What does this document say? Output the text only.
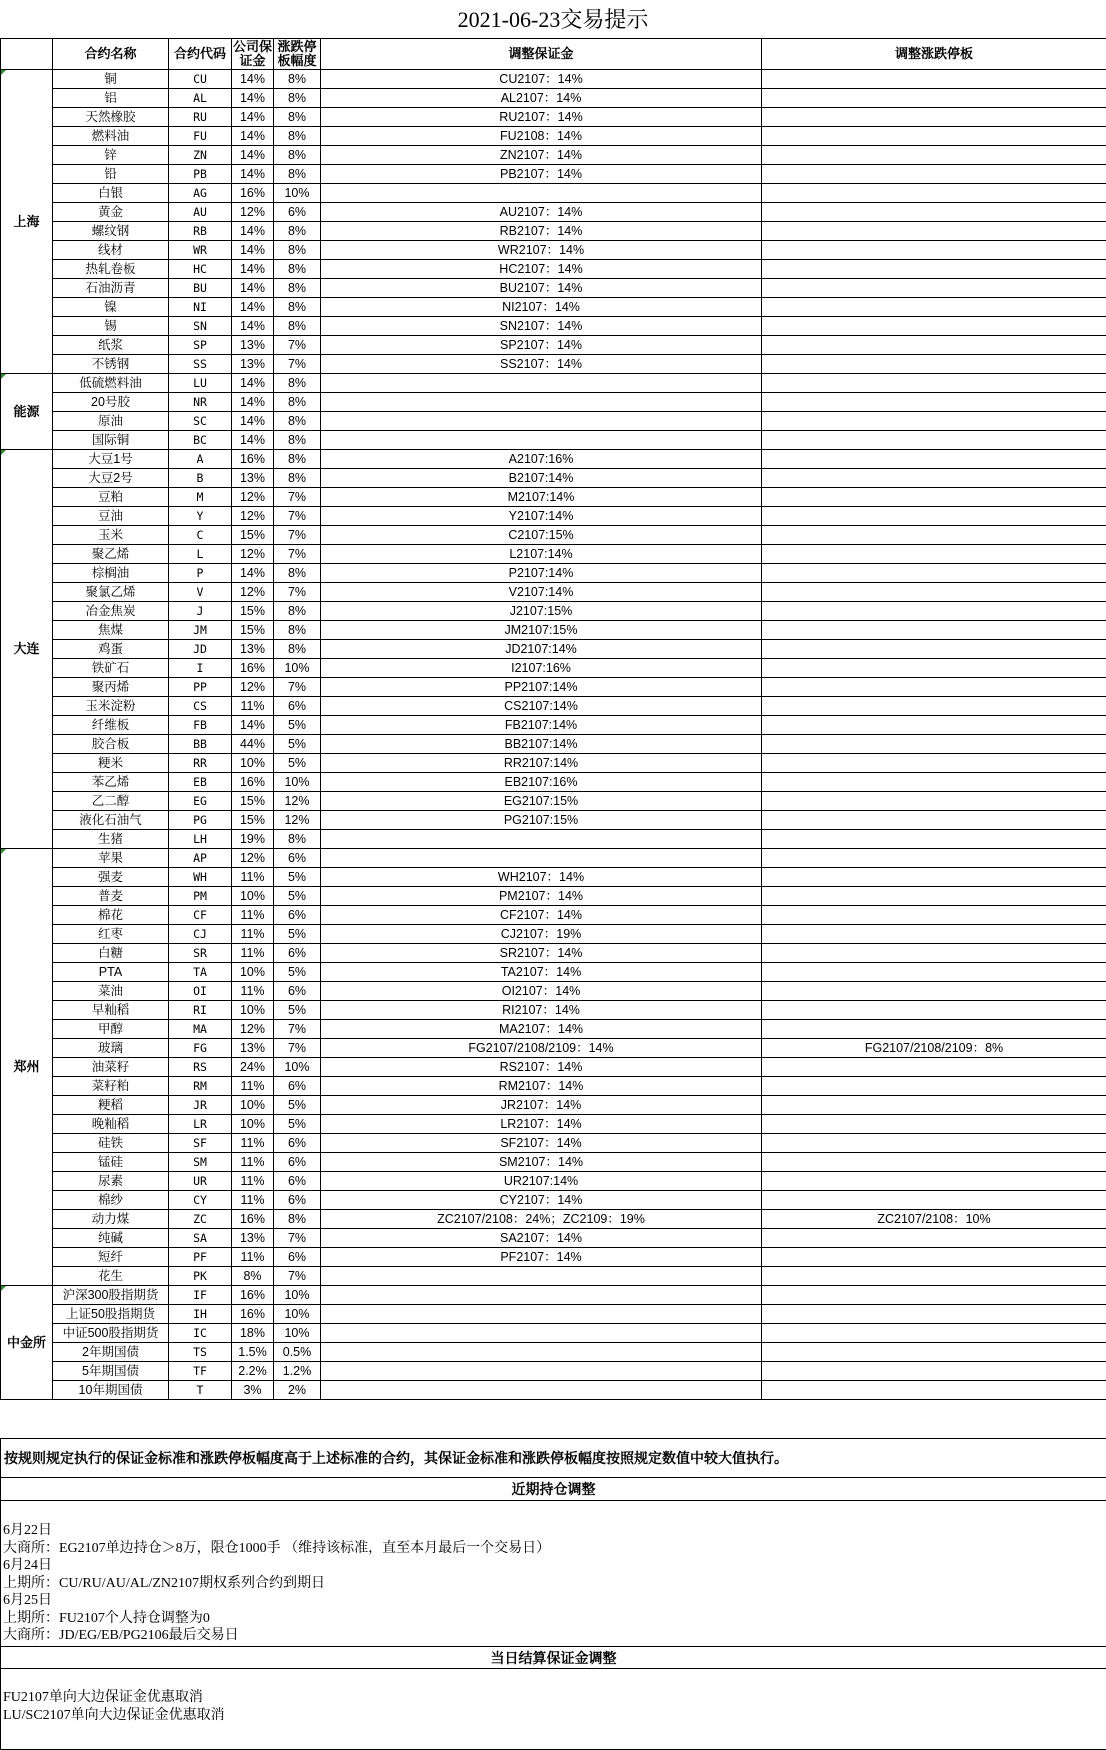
2021-06-23交易提示
	合约名称	合约代码	公司保证金	涨跌停板幅度	调整保证金	调整涨跌停板
上海	铜	CU	14%	8%	CU2107：14%	
	铝	AL	14%	8%	AL2107：14%	
	天然橡胶	RU	14%	8%	RU2107：14%	
	燃料油	FU	14%	8%	FU2108：14%	
	锌	ZN	14%	8%	ZN2107：14%	
	铅	PB	14%	8%	PB2107：14%	
	白银	AG	16%	10%		
	黄金	AU	12%	6%	AU2107：14%	
	螺纹钢	RB	14%	8%	RB2107：14%	
	线材	WR	14%	8%	WR2107：14%	
	热轧卷板	HC	14%	8%	HC2107：14%	
	石油沥青	BU	14%	8%	BU2107：14%	
	镍	NI	14%	8%	NI2107：14%	
	锡	SN	14%	8%	SN2107：14%	
	纸浆	SP	13%	7%	SP2107：14%	
	不锈钢	SS	13%	7%	SS2107：14%	
能源	低硫燃料油	LU	14%	8%		
	20号胶	NR	14%	8%		
	原油	SC	14%	8%		
	国际铜	BC	14%	8%		
大连	大豆1号	A	16%	8%	A2107:16%	
	大豆2号	B	13%	8%	B2107:14%	
	豆粕	M	12%	7%	M2107:14%	
	豆油	Y	12%	7%	Y2107:14%	
	玉米	C	15%	7%	C2107:15%	
	聚乙烯	L	12%	7%	L2107:14%	
	棕榈油	P	14%	8%	P2107:14%	
	聚氯乙烯	V	12%	7%	V2107:14%	
	冶金焦炭	J	15%	8%	J2107:15%	
	焦煤	JM	15%	8%	JM2107:15%	
	鸡蛋	JD	13%	8%	JD2107:14%	
	铁矿石	I	16%	10%	I2107:16%	
	聚丙烯	PP	12%	7%	PP2107:14%	
	玉米淀粉	CS	11%	6%	CS2107:14%	
	纤维板	FB	14%	5%	FB2107:14%	
	胶合板	BB	44%	5%	BB2107:14%	
	粳米	RR	10%	5%	RR2107:14%	
	苯乙烯	EB	16%	10%	EB2107:16%	
	乙二醇	EG	15%	12%	EG2107:15%	
	液化石油气	PG	15%	12%	PG2107:15%	
	生猪	LH	19%	8%		
郑州	苹果	AP	12%	6%		
	强麦	WH	11%	5%	WH2107：14%	
	普麦	PM	10%	5%	PM2107：14%	
	棉花	CF	11%	6%	CF2107：14%	
	红枣	CJ	11%	5%	CJ2107：19%	
	白糖	SR	11%	6%	SR2107：14%	
	PTA	TA	10%	5%	TA2107：14%	
	菜油	OI	11%	6%	OI2107：14%	
	早籼稻	RI	10%	5%	RI2107：14%	
	甲醇	MA	12%	7%	MA2107：14%	
	玻璃	FG	13%	7%	FG2107/2108/2109：14%	FG2107/2108/2109：8%
	油菜籽	RS	24%	10%	RS2107：14%	
	菜籽粕	RM	11%	6%	RM2107：14%	
	粳稻	JR	10%	5%	JR2107：14%	
	晚籼稻	LR	10%	5%	LR2107：14%	
	硅铁	SF	11%	6%	SF2107：14%	
	锰硅	SM	11%	6%	SM2107：14%	
	尿素	UR	11%	6%	UR2107:14%	
	棉纱	CY	11%	6%	CY2107：14%	
	动力煤	ZC	16%	8%	ZC2107/2108：24%；ZC2109：19%	ZC2107/2108：10%
	纯碱	SA	13%	7%	SA2107：14%	
	短纤	PF	11%	6%	PF2107：14%	
	花生	PK	8%	7%		
中金所	沪深300股指期货	IF	16%	10%		
	上证50股指期货	IH	16%	10%		
	中证500股指期货	IC	18%	10%		
	2年期国债	TS	1.5%	0.5%		
	5年期国债	TF	2.2%	1.2%		
	10年期国债	T	3%	2%		
按规则规定执行的保证金标准和涨跌停板幅度高于上述标准的合约，其保证金标准和涨跌停板幅度按照规定数值中较大值执行。
近期持仓调整

6月22日
大商所：EG2107单边持仓＞8万，限仓1000手 （维持该标准，直至本月最后一个交易日）
6月24日
上期所：CU/RU/AU/AL/ZN2107期权系列合约到期日
6月25日
上期所：FU2107个人持仓调整为0
大商所：JD/EG/EB/PG2106最后交易日

当日结算保证金调整

FU2107单向大边保证金优惠取消
LU/SC2107单向大边保证金优惠取消
